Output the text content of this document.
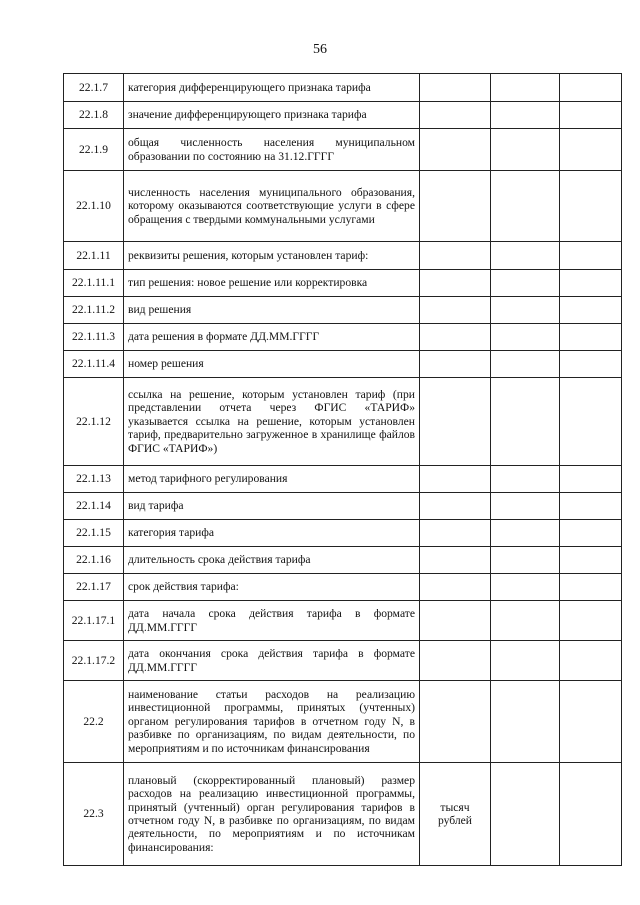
56
22.1.7	категория дифференцирующего признака тарифа			
22.1.8	значение дифференцирующего признака тарифа			
22.1.9	общая численность населения муниципальном образовании по состоянию на 31.12.ГГГГ			
22.1.10	численность населения муниципального образования, которому оказываются соответствующие услуги в сфере обращения с твердыми коммунальными услугами			
22.1.11	реквизиты решения, которым установлен тариф:			
22.1.11.1	тип решения: новое решение или корректировка			
22.1.11.2	вид решения			
22.1.11.3	дата решения в формате ДД.ММ.ГГГГ			
22.1.11.4	номер решения			
22.1.12	ссылка на решение, которым установлен тариф (при представлении отчета через ФГИС «ТАРИФ» указывается ссылка на решение, которым установлен тариф, предварительно загруженное в хранилище файлов ФГИС «ТАРИФ»)			
22.1.13	метод тарифного регулирования			
22.1.14	вид тарифа			
22.1.15	категория тарифа			
22.1.16	длительность срока действия тарифа			
22.1.17	срок действия тарифа:			
22.1.17.1	дата начала срока действия тарифа в формате ДД.ММ.ГГГГ			
22.1.17.2	дата окончания срока действия тарифа в формате ДД.ММ.ГГГГ			
22.2	наименование статьи расходов на реализацию инвестиционной программы, принятых (учтенных) органом регулирования тарифов в отчетном году N, в разбивке по организациям, по видам деятельности, по мероприятиям и по источникам финансирования			
22.3	плановый (скорректированный плановый) размер расходов на реализацию инвестиционной программы, принятый (учтенный) орган регулирования тарифов в отчетном году N, в разбивке по организациям, по видам деятельности, по мероприятиям и по источникам финансирования:	тысяч рублей		
